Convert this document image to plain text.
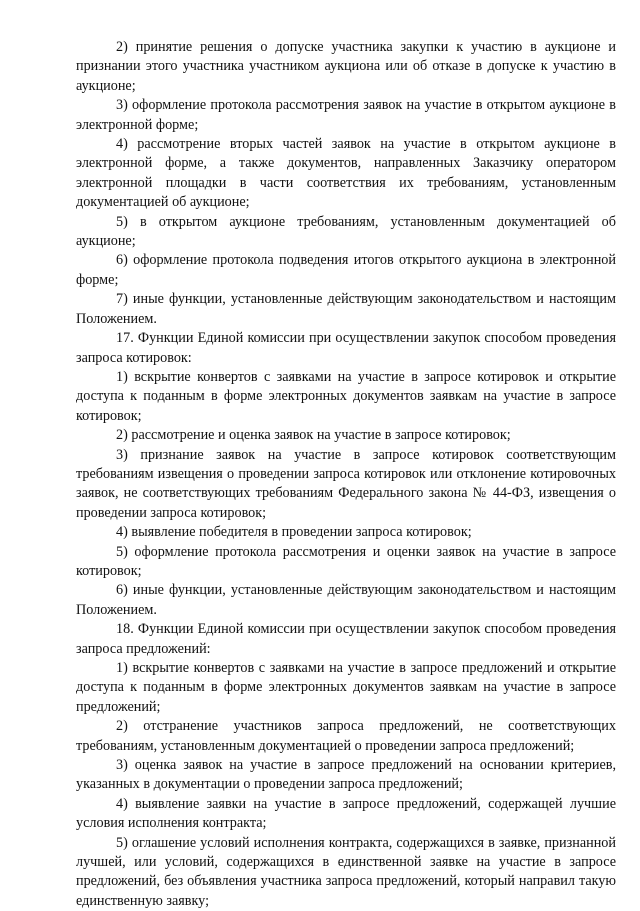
2) принятие решения о допуске участника закупки к участию в аукционе и признании этого участника участником аукциона или об отказе в допуске к участию в аукционе;

3) оформление протокола рассмотрения заявок на участие в открытом аукционе в электронной форме;

4) рассмотрение вторых частей заявок на участие в открытом аукционе в электронной форме, а также документов, направленных Заказчику оператором электронной площадки в части соответствия их требованиям, установленным документацией об аукционе;

5) в открытом аукционе требованиям, установленным документацией об аукционе;

6) оформление протокола подведения итогов открытого аукциона в электронной форме;

7) иные функции, установленные действующим законодательством и настоящим Положением.

17. Функции Единой комиссии при осуществлении закупок способом проведения запроса котировок:

1) вскрытие конвертов с заявками на участие в запросе котировок и открытие доступа к поданным в форме электронных документов заявкам на участие в запросе котировок;

2) рассмотрение и оценка заявок на участие в запросе котировок;

3) признание заявок на участие в запросе котировок соответствующим требованиям извещения о проведении запроса котировок или отклонение котировочных заявок, не соответствующих требованиям Федерального закона № 44-ФЗ, извещения о проведении запроса котировок;

4) выявление победителя в проведении запроса котировок;

5) оформление протокола рассмотрения и оценки заявок на участие в запросе котировок;

6) иные функции, установленные действующим законодательством и настоящим Положением.

18. Функции Единой комиссии при осуществлении закупок способом проведения запроса предложений:

1) вскрытие конвертов с заявками на участие в запросе предложений и открытие доступа к поданным в форме электронных документов заявкам на участие в запросе предложений;

2) отстранение участников запроса предложений, не соответствующих требованиям, установленным документацией о проведении запроса предложений;

3) оценка заявок на участие в запросе предложений на основании критериев, указанных в документации о проведении запроса предложений;

4) выявление заявки на участие в запросе предложений, содержащей лучшие условия исполнения контракта;

5) оглашение условий исполнения контракта, содержащихся в заявке, признанной лучшей, или условий, содержащихся в единственной заявке на участие в запросе предложений, без объявления участника запроса предложений, который направил такую единственную заявку;
